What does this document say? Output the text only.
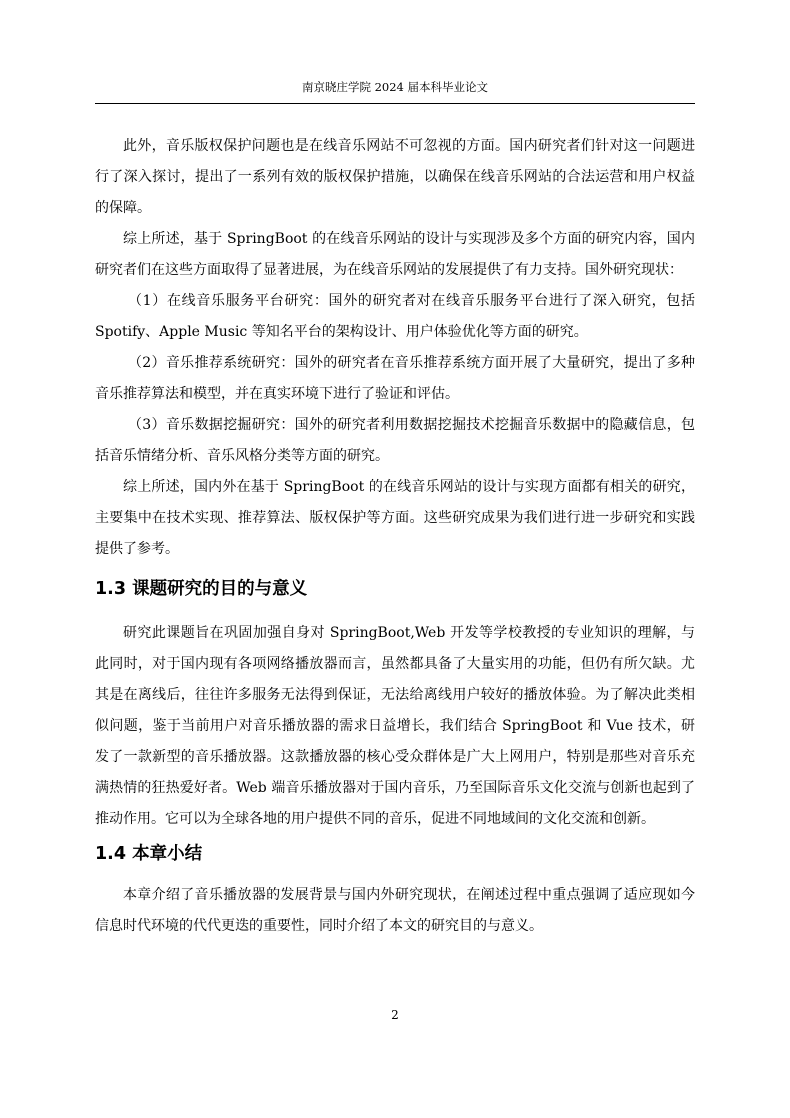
南京晓庄学院 2024 届本科毕业论文

此外，音乐版权保护问题也是在线音乐网站不可忽视的方面。国内研究者们针对这一问题进行了深入探讨，提出了一系列有效的版权保护措施，以确保在线音乐网站的合法运营和用户权益的保障。

综上所述，基于 SpringBoot 的在线音乐网站的设计与实现涉及多个方面的研究内容，国内研究者们在这些方面取得了显著进展，为在线音乐网站的发展提供了有力支持。国外研究现状：

（1）在线音乐服务平台研究：国外的研究者对在线音乐服务平台进行了深入研究，包括 Spotify、Apple Music 等知名平台的架构设计、用户体验优化等方面的研究。

（2）音乐推荐系统研究：国外的研究者在音乐推荐系统方面开展了大量研究，提出了多种音乐推荐算法和模型，并在真实环境下进行了验证和评估。

（3）音乐数据挖掘研究：国外的研究者利用数据挖掘技术挖掘音乐数据中的隐藏信息，包括音乐情绪分析、音乐风格分类等方面的研究。

综上所述，国内外在基于 SpringBoot 的在线音乐网站的设计与实现方面都有相关的研究，主要集中在技术实现、推荐算法、版权保护等方面。这些研究成果为我们进行进一步研究和实践提供了参考。

1.3 课题研究的目的与意义

研究此课题旨在巩固加强自身对 SpringBoot,Web 开发等学校教授的专业知识的理解，与此同时，对于国内现有各项网络播放器而言，虽然都具备了大量实用的功能，但仍有所欠缺。尤其是在离线后，往往许多服务无法得到保证，无法给离线用户较好的播放体验。为了解决此类相似问题，鉴于当前用户对音乐播放器的需求日益增长，我们结合 SpringBoot 和 Vue 技术，研发了一款新型的音乐播放器。这款播放器的核心受众群体是广大上网用户，特别是那些对音乐充满热情的狂热爱好者。Web 端音乐播放器对于国内音乐，乃至国际音乐文化交流与创新也起到了推动作用。它可以为全球各地的用户提供不同的音乐，促进不同地域间的文化交流和创新。

1.4 本章小结

本章介绍了音乐播放器的发展背景与国内外研究现状，在阐述过程中重点强调了适应现如今信息时代环境的代代更迭的重要性，同时介绍了本文的研究目的与意义。

2
